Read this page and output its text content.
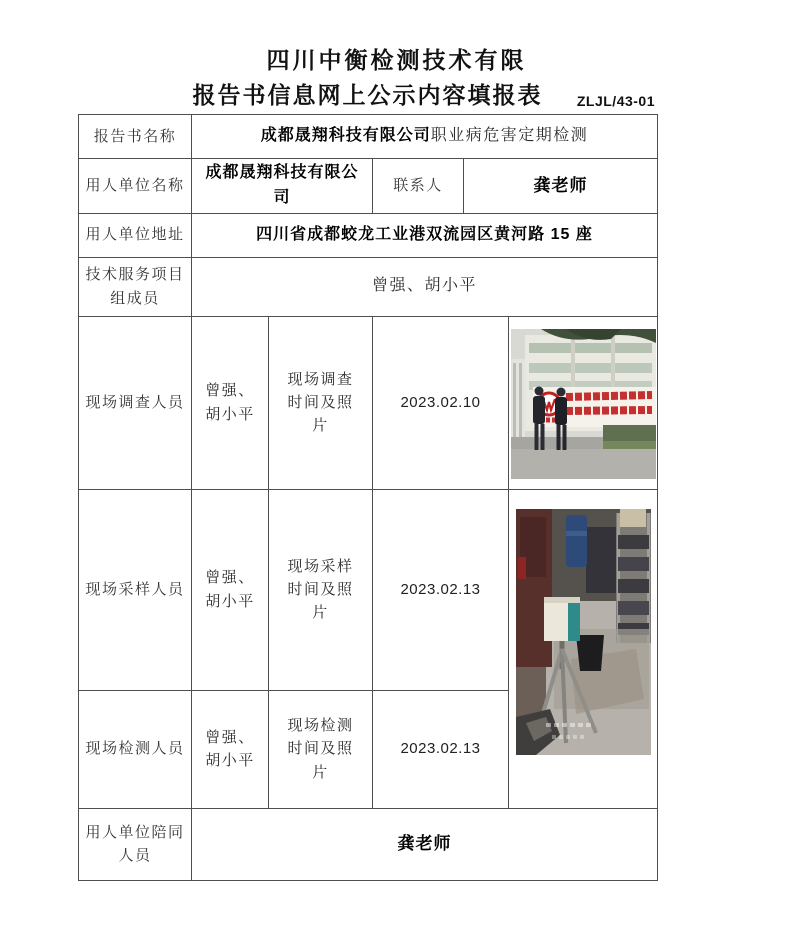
四川中衡检测技术有限
报告书信息网上公示内容填报表 ZLJL/43-01
报告书名称	成都晟翔科技有限公司职业病危害定期检测				
用人单位名称	成都晟翔科技有限公司		联系人	龚老师	
用人单位地址	四川省成都蛟龙工业港双流园区黄河路 15 座				

技术服务项目
组成员	曾强、胡小平				
现场调查人员	曾强、胡小平	现场调查时间及照片	2023.02.10	

现场采样人员	曾强、胡小平	现场采样时间及照片	2023.02.13	

现场检测人员	曾强、胡小平	现场检测时间及照片	2023.02.13		

用人单位陪同
人员	龚老师				
